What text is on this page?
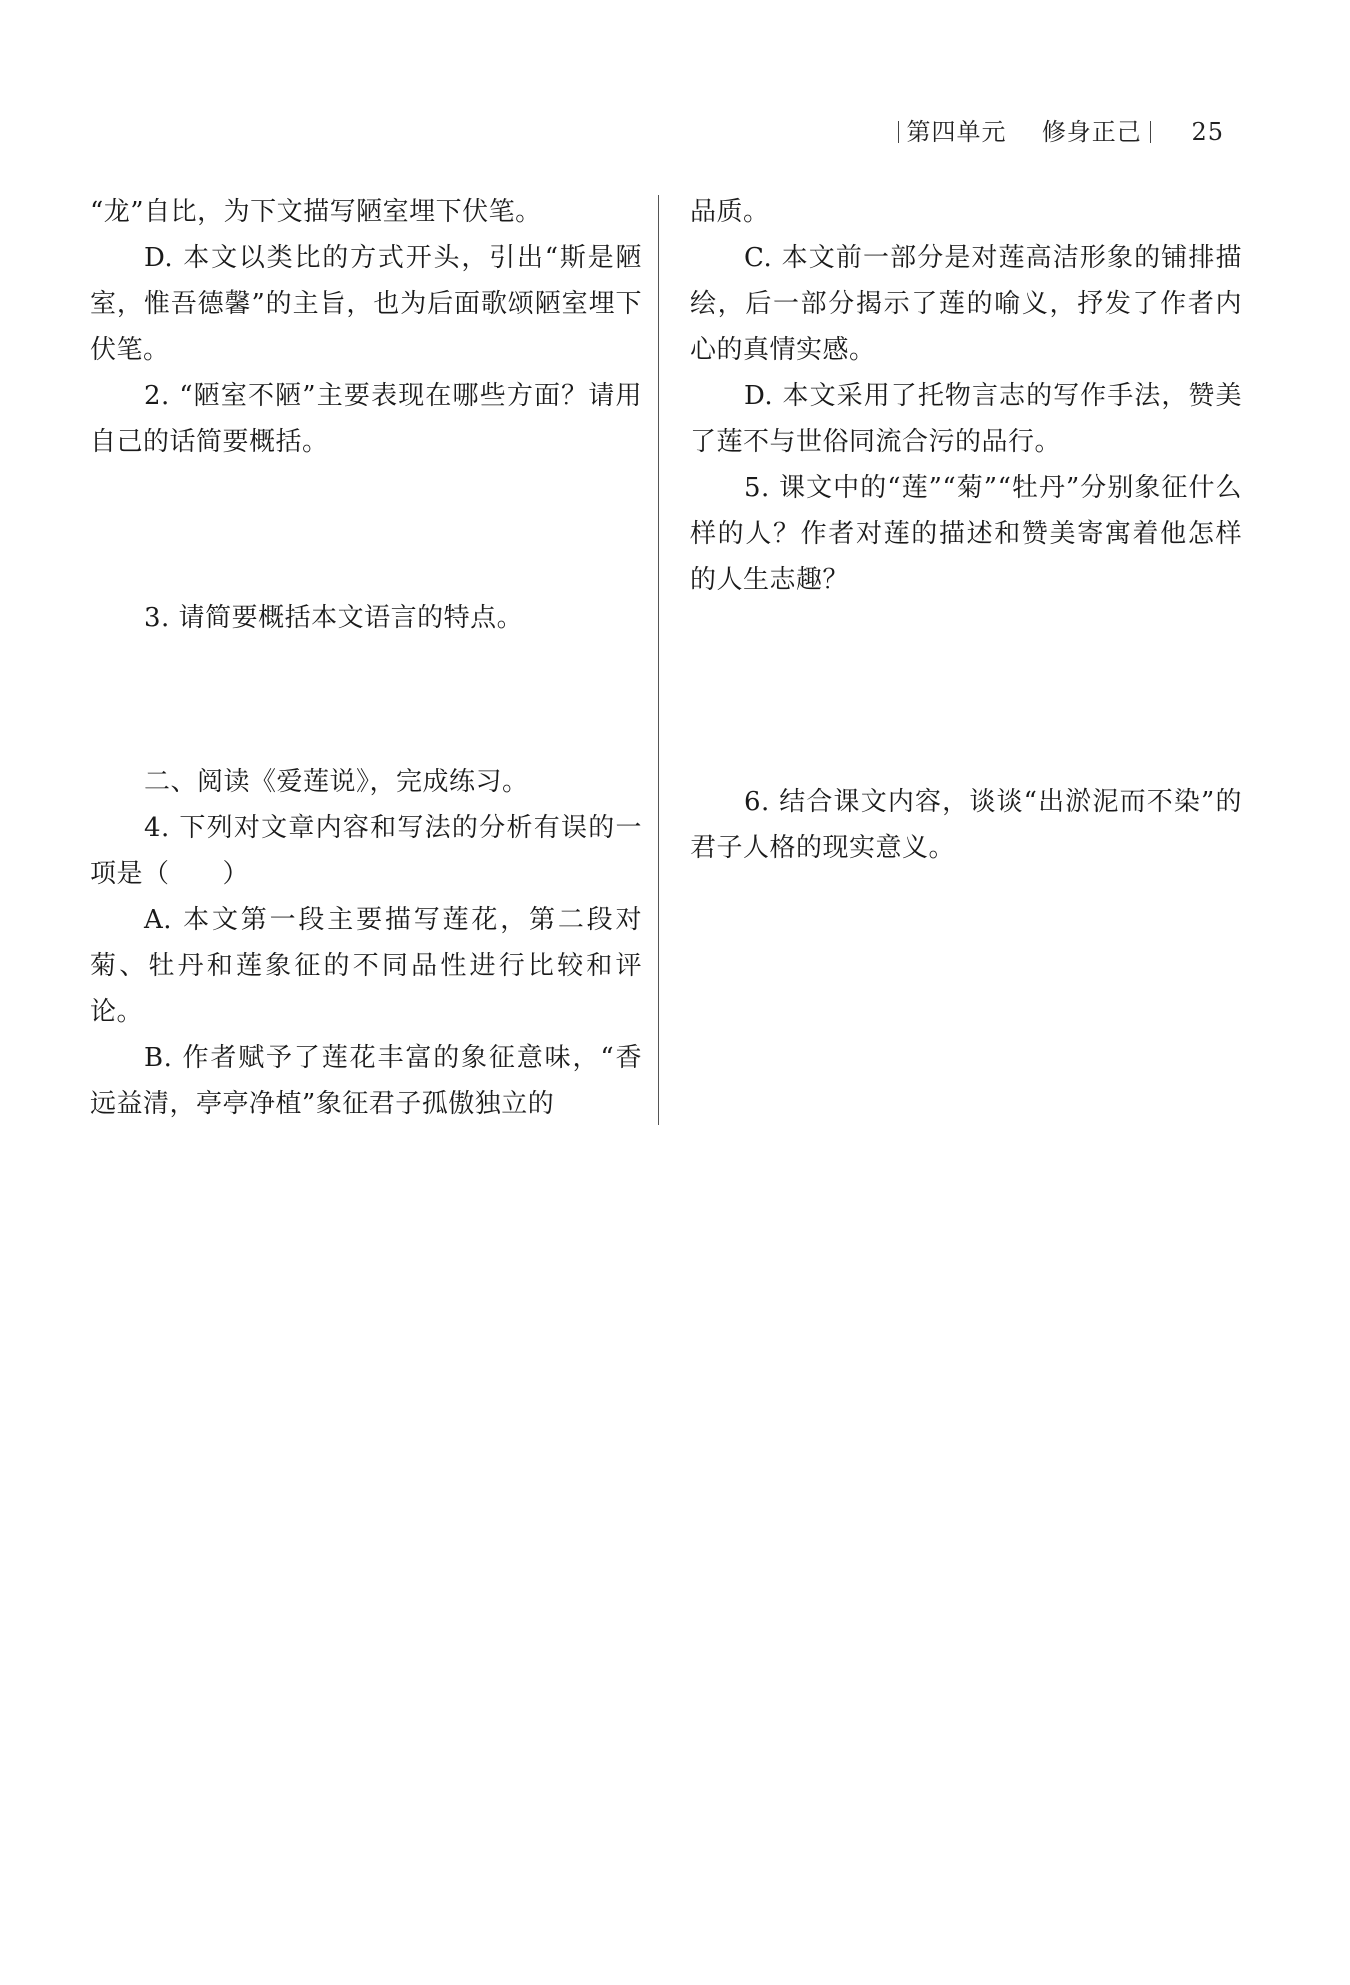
第四单元 修身正己 25

“龙”自比，为下文描写陋室埋下伏笔。

D. 本文以类比的方式开头，引出“斯是陋室，惟吾德馨”的主旨，也为后面歌颂陋室埋下伏笔。

2. “陋室不陋”主要表现在哪些方面？请用自己的话简要概括。

3. 请简要概括本文语言的特点。

二、阅读《爱莲说》，完成练习。

4. 下列对文章内容和写法的分析有误的一项是（　　）

A. 本文第一段主要描写莲花，第二段对菊、牡丹和莲象征的不同品性进行比较和评论。

B. 作者赋予了莲花丰富的象征意味，“香远益清，亭亭净植”象征君子孤傲独立的

品质。

C. 本文前一部分是对莲高洁形象的铺排描绘，后一部分揭示了莲的喻义，抒发了作者内心的真情实感。

D. 本文采用了托物言志的写作手法，赞美了莲不与世俗同流合污的品行。

5. 课文中的“莲”“菊”“牡丹”分别象征什么样的人？作者对莲的描述和赞美寄寓着他怎样的人生志趣？

6. 结合课文内容，谈谈“出淤泥而不染”的君子人格的现实意义。
